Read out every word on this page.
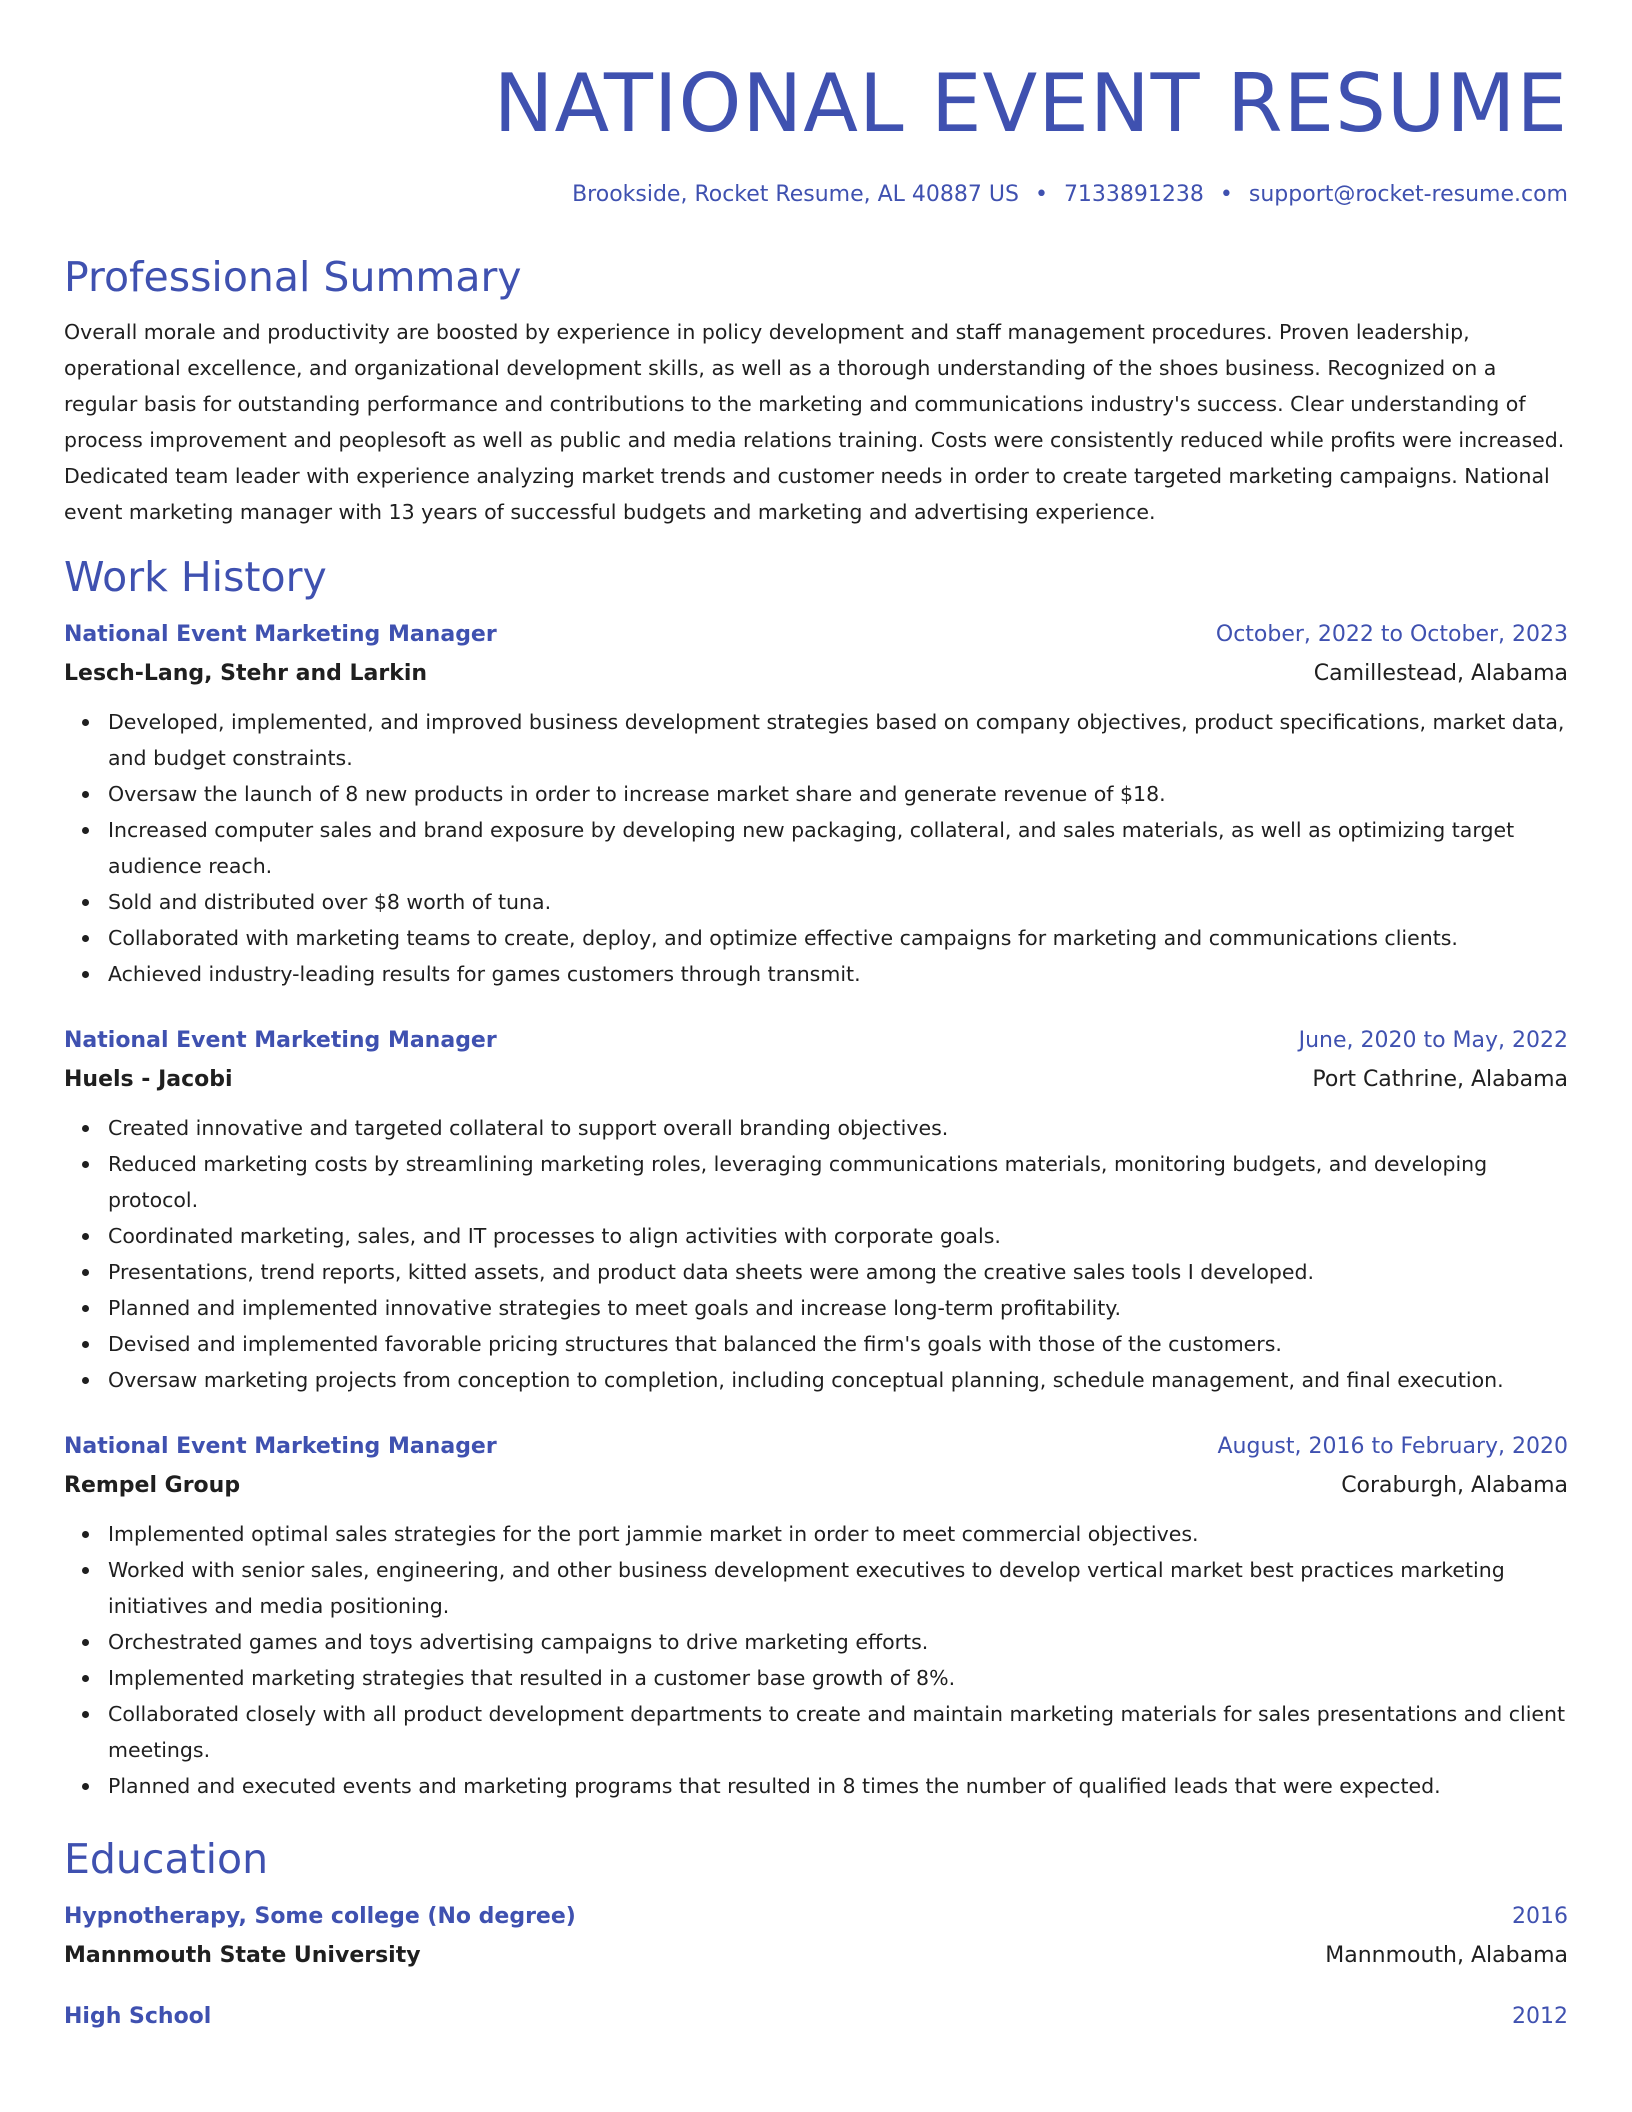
NATIONAL EVENT RESUME
Brookside, Rocket Resume, AL 40887 US • 7133891238 • support@rocket-resume.com
Professional Summary
Overall morale and productivity are boosted by experience in policy development and staff management procedures. Proven leadership, operational excellence, and organizational development skills, as well as a thorough understanding of the shoes business. Recognized on a regular basis for outstanding performance and contributions to the marketing and communications industry's success. Clear understanding of process improvement and peoplesoft as well as public and media relations training. Costs were consistently reduced while profits were increased. Dedicated team leader with experience analyzing market trends and customer needs in order to create targeted marketing campaigns. National event marketing manager with 13 years of successful budgets and marketing and advertising experience.
Work History
National Event Marketing Manager	October, 2022 to October, 2023
Lesch-Lang, Stehr and Larkin	Camillestead, Alabama
Developed, implemented, and improved business development strategies based on company objectives, product specifications, market data, and budget constraints.
Oversaw the launch of 8 new products in order to increase market share and generate revenue of $18.
Increased computer sales and brand exposure by developing new packaging, collateral, and sales materials, as well as optimizing target audience reach.
Sold and distributed over $8 worth of tuna.
Collaborated with marketing teams to create, deploy, and optimize effective campaigns for marketing and communications clients.
Achieved industry-leading results for games customers through transmit.
National Event Marketing Manager	June, 2020 to May, 2022
Huels - Jacobi	Port Cathrine, Alabama
Created innovative and targeted collateral to support overall branding objectives.
Reduced marketing costs by streamlining marketing roles, leveraging communications materials, monitoring budgets, and developing protocol.
Coordinated marketing, sales, and IT processes to align activities with corporate goals.
Presentations, trend reports, kitted assets, and product data sheets were among the creative sales tools I developed.
Planned and implemented innovative strategies to meet goals and increase long-term profitability.
Devised and implemented favorable pricing structures that balanced the firm's goals with those of the customers.
Oversaw marketing projects from conception to completion, including conceptual planning, schedule management, and final execution.
National Event Marketing Manager	August, 2016 to February, 2020
Rempel Group	Coraburgh, Alabama
Implemented optimal sales strategies for the port jammie market in order to meet commercial objectives.
Worked with senior sales, engineering, and other business development executives to develop vertical market best practices marketing initiatives and media positioning.
Orchestrated games and toys advertising campaigns to drive marketing efforts.
Implemented marketing strategies that resulted in a customer base growth of 8%.
Collaborated closely with all product development departments to create and maintain marketing materials for sales presentations and client meetings.
Planned and executed events and marketing programs that resulted in 8 times the number of qualified leads that were expected.
Education
Hypnotherapy, Some college (No degree)	2016
Mannmouth State University	Mannmouth, Alabama
High School	2012
